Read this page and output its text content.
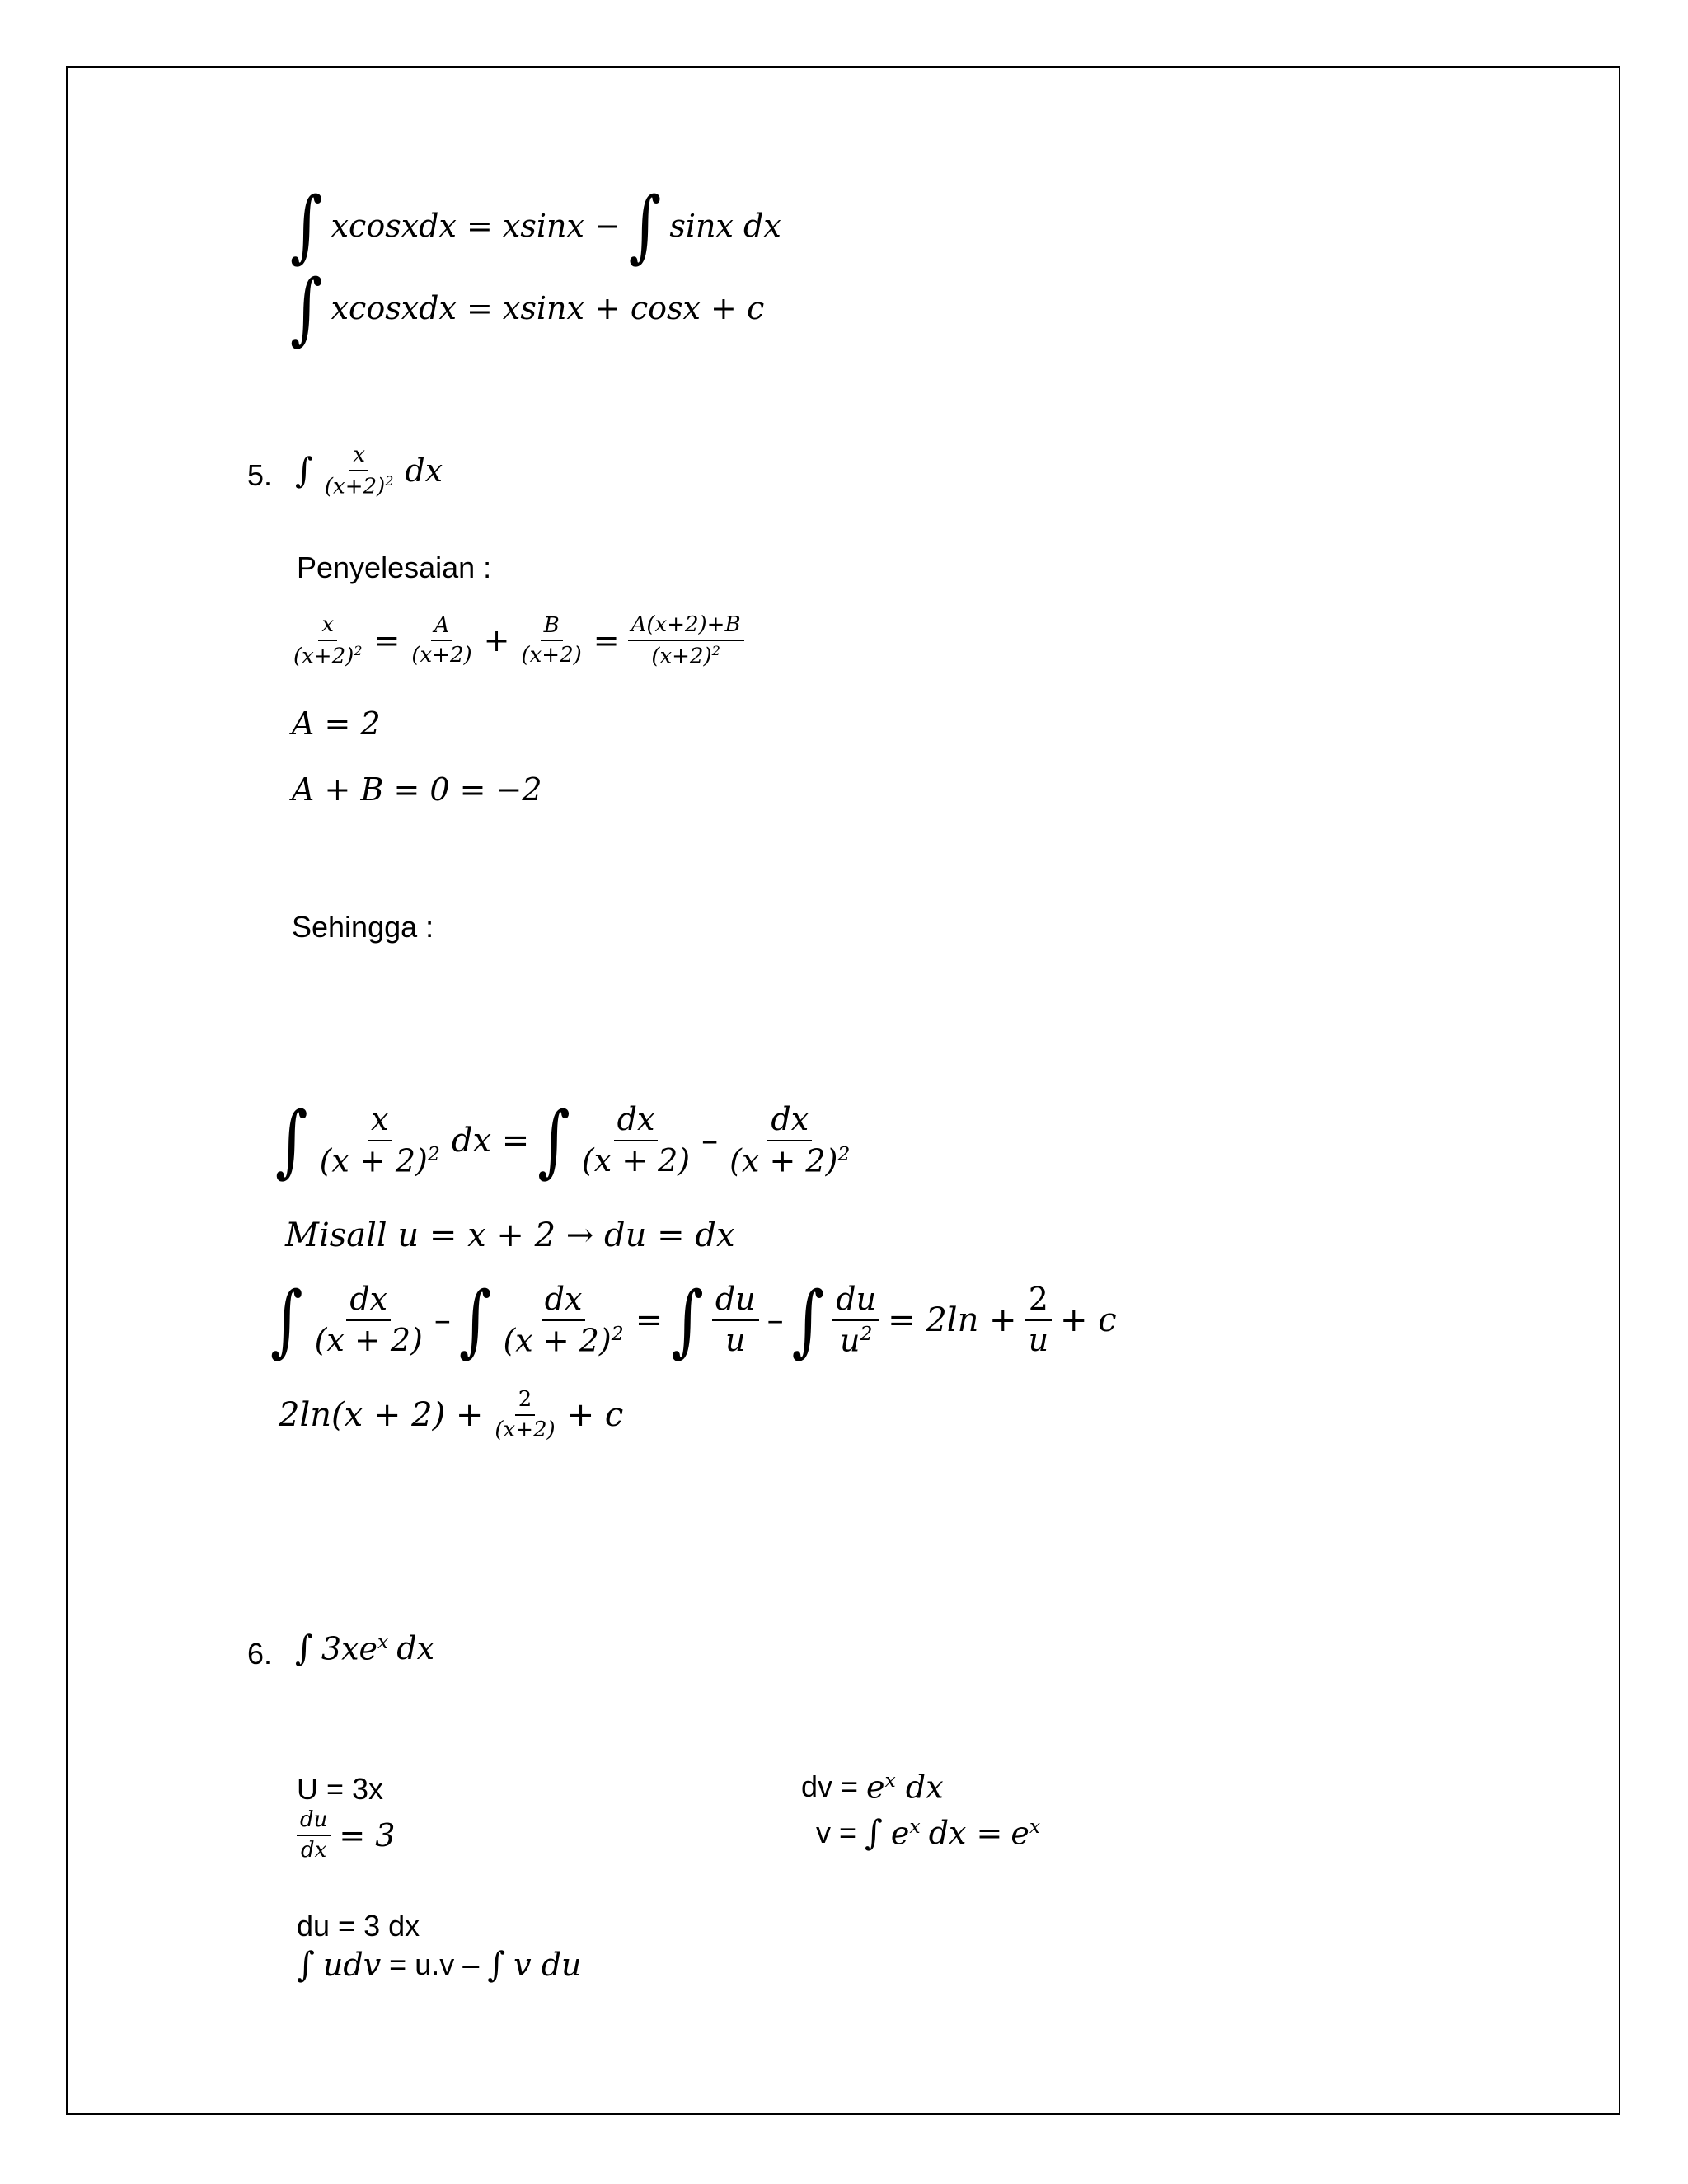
∫ xcosxdx = xsinx − ∫ sinx dx
∫ xcosxdx = xsinx + cosx + c
5. ∫ $\frac{x}{(x+2)^2}$ dx
Penyelesaian :
$\frac{x}{(x+2)^2} = \frac{A}{(x+2)} + \frac{B}{(x+2)} = \frac{A(x+2)+B}{(x+2)^2}$
A = 2
A + B = 0 = −2
Sehingga :
∫ $\frac{x}{(x + 2)^2}$ dx = ∫ $\frac{dx}{(x + 2)} - \frac{dx}{(x + 2)^2}$
Misall u = x + 2 → du = dx
∫ $\frac{dx}{(x + 2)}$ – ∫ $\frac{dx}{(x + 2)^2}$ = ∫ $\frac{du}{u}$ – ∫ $\frac{du}{u^2} = 2\ln + \frac{2}{u} + c$
$2\ln(x + 2) + \frac{2}{(x+2)} + c$
6. ∫ $3xe^x$ dx
U = 3x
$\frac{du}{dx} = 3$
dv = $e^x$ dx
v = ∫ $e^x$ dx = $e^x$
du = 3 dx
∫ udv = u.v – ∫ v du
